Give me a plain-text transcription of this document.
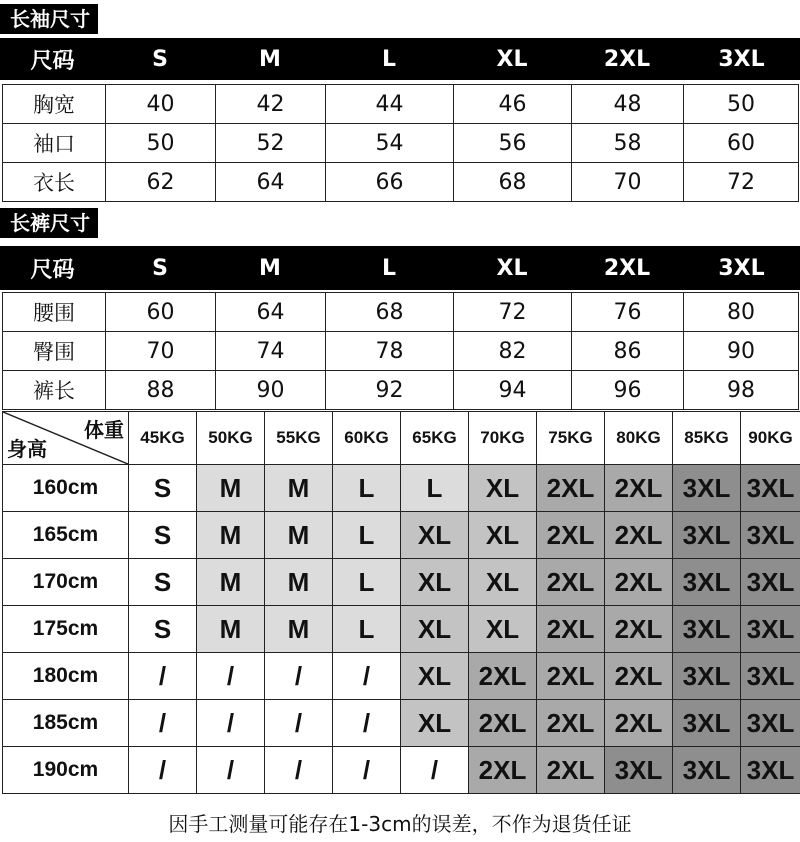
长袖尺寸
尺码	S	M	L	XL	2XL	3XL
胸宽	40	42	44	46	48	50
袖口	50	52	54	56	58	60
衣长	62	64	66	68	70	72
长裤尺寸
尺码	S	M	L	XL	2XL	3XL
腰围	60	64	68	72	76	80
臀围	70	74	78	82	86	90
裤长	88	90	92	94	96	98
体重
身高	45KG	50KG	55KG	60KG	65KG	70KG	75KG	80KG	85KG	90KG
160cm	S	M	M	L	L	XL	2XL	2XL	3XL	3XL
165cm	S	M	M	L	XL	XL	2XL	2XL	3XL	3XL
170cm	S	M	M	L	XL	XL	2XL	2XL	3XL	3XL
175cm	S	M	M	L	XL	XL	2XL	2XL	3XL	3XL
180cm	/	/	/	/	XL	2XL	2XL	2XL	3XL	3XL
185cm	/	/	/	/	XL	2XL	2XL	2XL	3XL	3XL
190cm	/	/	/	/	/	2XL	2XL	3XL	3XL	3XL
因手工测量可能存在1-3cm的误差，不作为退货任证
